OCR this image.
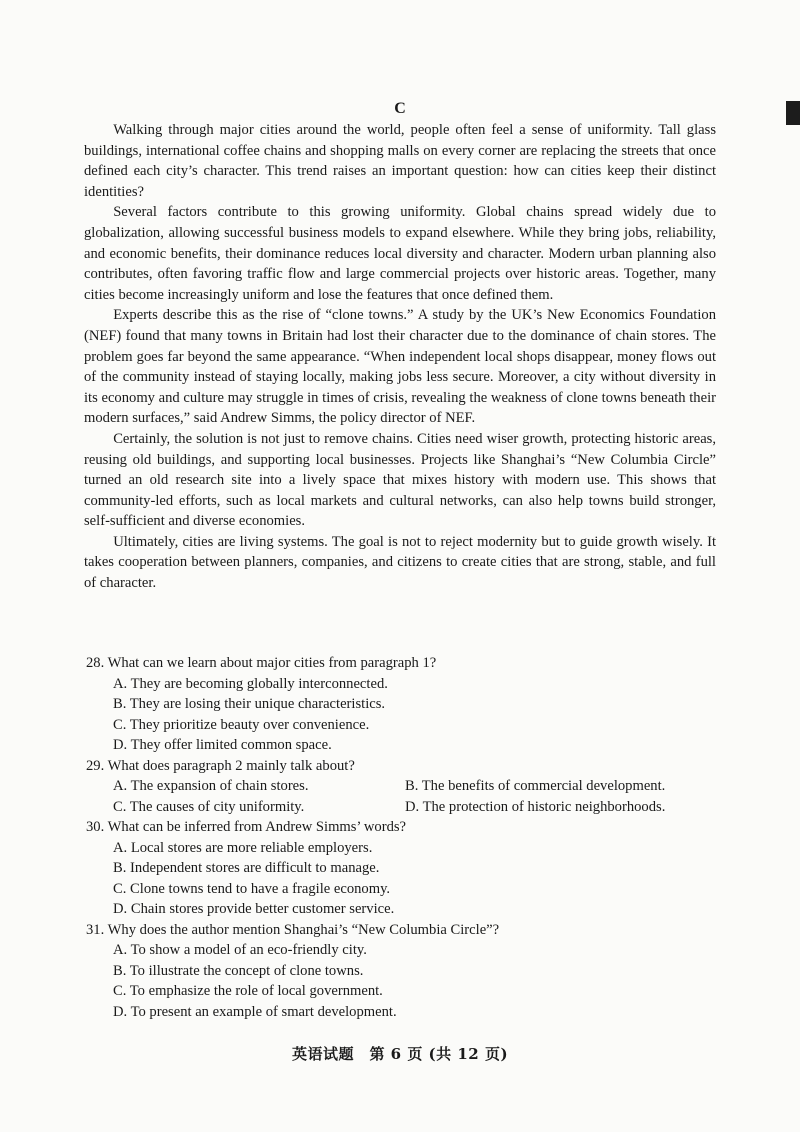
C

Walking through major cities around the world, people often feel a sense of uniformity. Tall glass buildings, international coffee chains and shopping malls on every corner are replacing the streets that once defined each city’s character. This trend raises an important question: how can cities keep their distinct identities?

Several factors contribute to this growing uniformity. Global chains spread widely due to globalization, allowing successful business models to expand elsewhere. While they bring jobs, reliability, and economic benefits, their dominance reduces local diversity and character. Modern urban planning also contributes, often favoring traffic flow and large commercial projects over historic areas. Together, many cities become increasingly uniform and lose the features that once defined them.

Experts describe this as the rise of “clone towns.” A study by the UK’s New Economics Foundation (NEF) found that many towns in Britain had lost their character due to the dominance of chain stores. The problem goes far beyond the same appearance. “When independent local shops disappear, money flows out of the community instead of staying locally, making jobs less secure. Moreover, a city without diversity in its economy and culture may struggle in times of crisis, revealing the weakness of clone towns beneath their modern surfaces,” said Andrew Simms, the policy director of NEF.

Certainly, the solution is not just to remove chains. Cities need wiser growth, protecting historic areas, reusing old buildings, and supporting local businesses. Projects like Shanghai’s “New Columbia Circle” turned an old research site into a lively space that mixes history with modern use. This shows that community-led efforts, such as local markets and cultural networks, can also help towns build stronger, self-sufficient and diverse economies.

Ultimately, cities are living systems. The goal is not to reject modernity but to guide growth wisely. It takes cooperation between planners, companies, and citizens to create cities that are strong, stable, and full of character.

28. What can we learn about major cities from paragraph 1?
A. They are becoming globally interconnected.
B. They are losing their unique characteristics.
C. They prioritize beauty over convenience.
D. They offer limited common space.
29. What does paragraph 2 mainly talk about?
A. The expansion of chain stores.	B. The benefits of commercial development.
C. The causes of city uniformity.	D. The protection of historic neighborhoods.
30. What can be inferred from Andrew Simms’ words?
A. Local stores are more reliable employers.
B. Independent stores are difficult to manage.
C. Clone towns tend to have a fragile economy.
D. Chain stores provide better customer service.
31. Why does the author mention Shanghai’s “New Columbia Circle”?
A. To show a model of an eco-friendly city.
B. To illustrate the concept of clone towns.
C. To emphasize the role of local government.
D. To present an example of smart development.
英语试题　第 6 页 (共 12 页)
